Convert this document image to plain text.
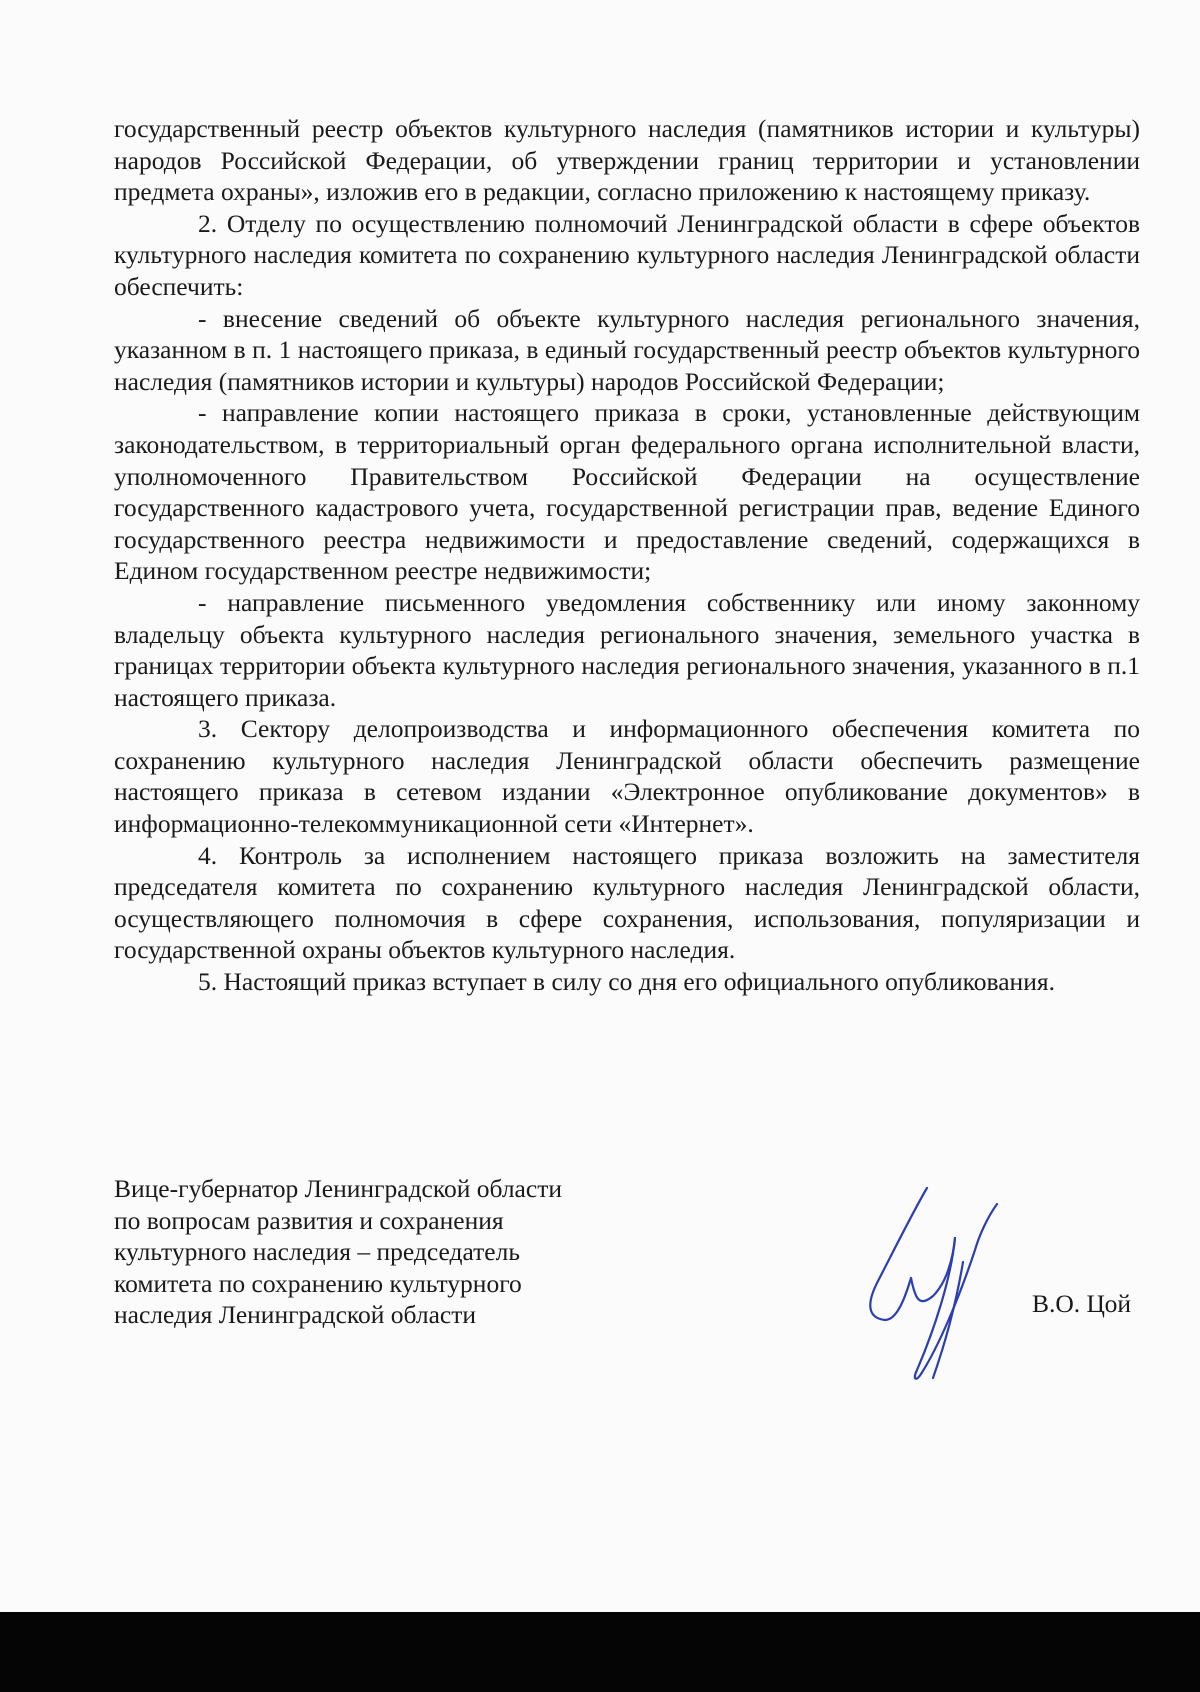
государственный реестр объектов культурного наследия (памятников истории и культуры) народов Российской Федерации, об утверждении границ территории и установлении предмета охраны», изложив его в редакции, согласно приложению к настоящему приказу.

2. Отделу по осуществлению полномочий Ленинградской области в сфере объектов культурного наследия комитета по сохранению культурного наследия Ленинградской области обеспечить:

- внесение сведений об объекте культурного наследия регионального значения, указанном в п. 1 настоящего приказа, в единый государственный реестр объектов культурного наследия (памятников истории и культуры) народов Российской Федерации;

- направление копии настоящего приказа в сроки, установленные действующим законодательством, в территориальный орган федерального органа исполнительной власти, уполномоченного Правительством Российской Федерации на осуществление государственного кадастрового учета, государственной регистрации прав, ведение Единого государственного реестра недвижимости и предоставление сведений, содержащихся в Едином государственном реестре недвижимости;

- направление письменного уведомления собственнику или иному законному владельцу объекта культурного наследия регионального значения, земельного участка в границах территории объекта культурного наследия регионального значения, указанного в п.1 настоящего приказа.

3. Сектору делопроизводства и информационного обеспечения комитета по сохранению культурного наследия Ленинградской области обеспечить размещение настоящего приказа в сетевом издании «Электронное опубликование документов» в информационно-телекоммуникационной сети «Интернет».

4. Контроль за исполнением настоящего приказа возложить на заместителя председателя комитета по сохранению культурного наследия Ленинградской области, осуществляющего полномочия в сфере сохранения, использования, популяризации и государственной охраны объектов культурного наследия.

5. Настоящий приказ вступает в силу со дня его официального опубликования.

Вице-губернатор Ленинградской области
по вопросам развития и сохранения
культурного наследия – председатель
комитета по сохранению культурного
наследия Ленинградской области	В.О. Цой
